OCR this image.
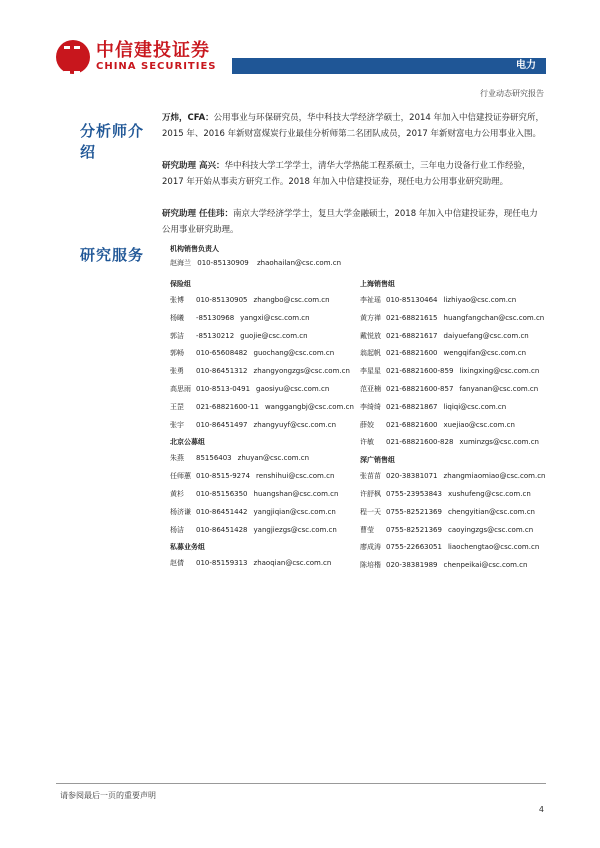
中信建投证券
CHINA SECURITIES	电力
行业动态研究报告
分析师介绍

万炜，CFA：公用事业与环保研究员，华中科技大学经济学硕士，2014 年加入中信建投证券研究所，2015 年、2016 年新财富煤炭行业最佳分析师第二名团队成员，2017 年新财富电力公用事业入围。

研究助理 高兴：华中科技大学工学学士，清华大学热能工程系硕士，三年电力设备行业工作经验，2017 年开始从事卖方研究工作。2018 年加入中信建投证券，现任电力公用事业研究助理。

研究助理 任佳玮：南京大学经济学学士，复旦大学金融硕士，2018 年加入中信建投证券，现任电力公用事业研究助理。

研究服务	机构销售负责人
赵海兰 010-85130909 zhaohailan@csc.com.cn
保险组
张博 010-85130905 zhangbo@csc.com.cn
杨曦 -85130968 yangxi@csc.com.cn
郭洁 -85130212 guojie@csc.com.cn
郭畅 010-65608482 guochang@csc.com.cn
张勇 010-86451312 zhangyongzgs@csc.com.cn
高思雨 010-8513-0491 gaosiyu@csc.com.cn
王罡 021-68821600-11 wanggangbj@csc.com.cn
张宇 010-86451497 zhangyuyf@csc.com.cn
北京公募组
朱燕 85156403 zhuyan@csc.com.cn
任师蕙 010-8515-9274 renshihui@csc.com.cn
黄杉 010-85156350 huangshan@csc.com.cn
杨济谦 010-86451442 yangjiqian@csc.com.cn
杨洁 010-86451428 yangjiezgs@csc.com.cn
私募业务组
赵倩 010-85159313 zhaoqian@csc.com.cn
上海销售组
李祉瑶 010-85130464 lizhiyao@csc.com.cn
黄方禅 021-68821615 huangfangchan@csc.com.cn
戴悦放 021-68821617 daiyuefang@csc.com.cn
翁起帆 021-68821600 wengqifan@csc.com.cn
李星星 021-68821600-859 lixingxing@csc.com.cn
范亚楠 021-68821600-857 fanyanan@csc.com.cn
李绮绮 021-68821867 liqiqi@csc.com.cn
薛姣 021-68821600 xuejiao@csc.com.cn
许敏 021-68821600-828 xuminzgs@csc.com.cn
深广销售组
张苗苗 020-38381071 zhangmiaomiao@csc.com.cn
许舒枫 0755-23953843 xushufeng@csc.com.cn
程一天 0755-82521369 chengyitian@csc.com.cn
曹莹 0755-82521369 caoyingzgs@csc.com.cn
廖成涛 0755-22663051 liaochengtao@csc.com.cn
陈培楷 020-38381989 chenpeikai@csc.com.cn
请参阅最后一页的重要声明
4
